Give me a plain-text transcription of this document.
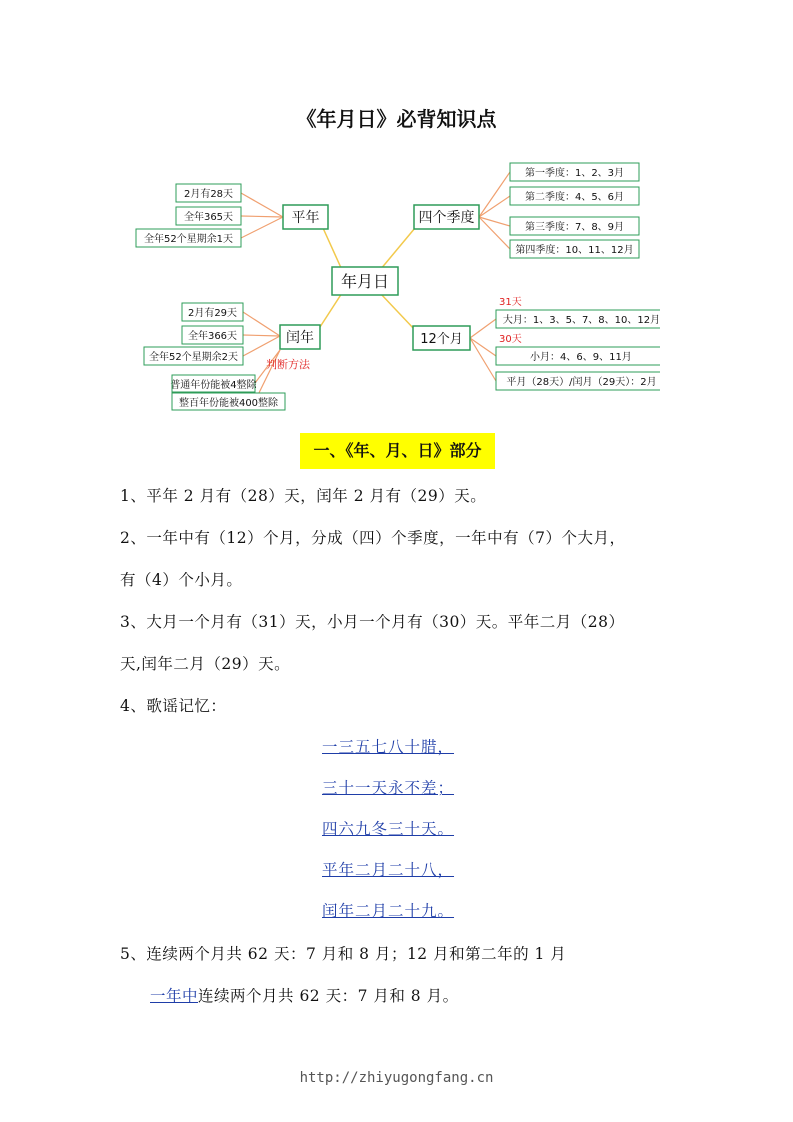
《年月日》必背知识点
年月日
平年
2月有28天
全年365天
全年52个星期余1天
四个季度
第一季度：1、2、3月
第二季度：4、5、6月
第三季度：7、8、9月
第四季度：10、11、12月
闰年
2月有29天
全年366天
全年52个星期余2天
判断方法
普通年份能被4整除
整百年份能被400整除
12个月
31天
大月：1、3、5、7、8、10、12月
30天
小月：4、6、9、11月
平月（28天）/闰月（29天）：2月
一、《年、月、日》部分
1、平年 2 月有（28）天，闰年 2 月有（29）天。
2、一年中有（12）个月，分成（四）个季度，一年中有（7）个大月，
有（4）个小月。
3、大月一个月有（31）天，小月一个月有（30）天。平年二月（28）
天,闰年二月（29）天。
4、歌谣记忆：
一三五七八十腊，
三十一天永不差；
四六九冬三十天。
平年二月二十八，
闰年二月二十九。
5、连续两个月共 62 天：7 月和 8 月；12 月和第二年的 1 月
一年中连续两个月共 62 天：7 月和 8 月。
http://zhiyugongfang.cn
